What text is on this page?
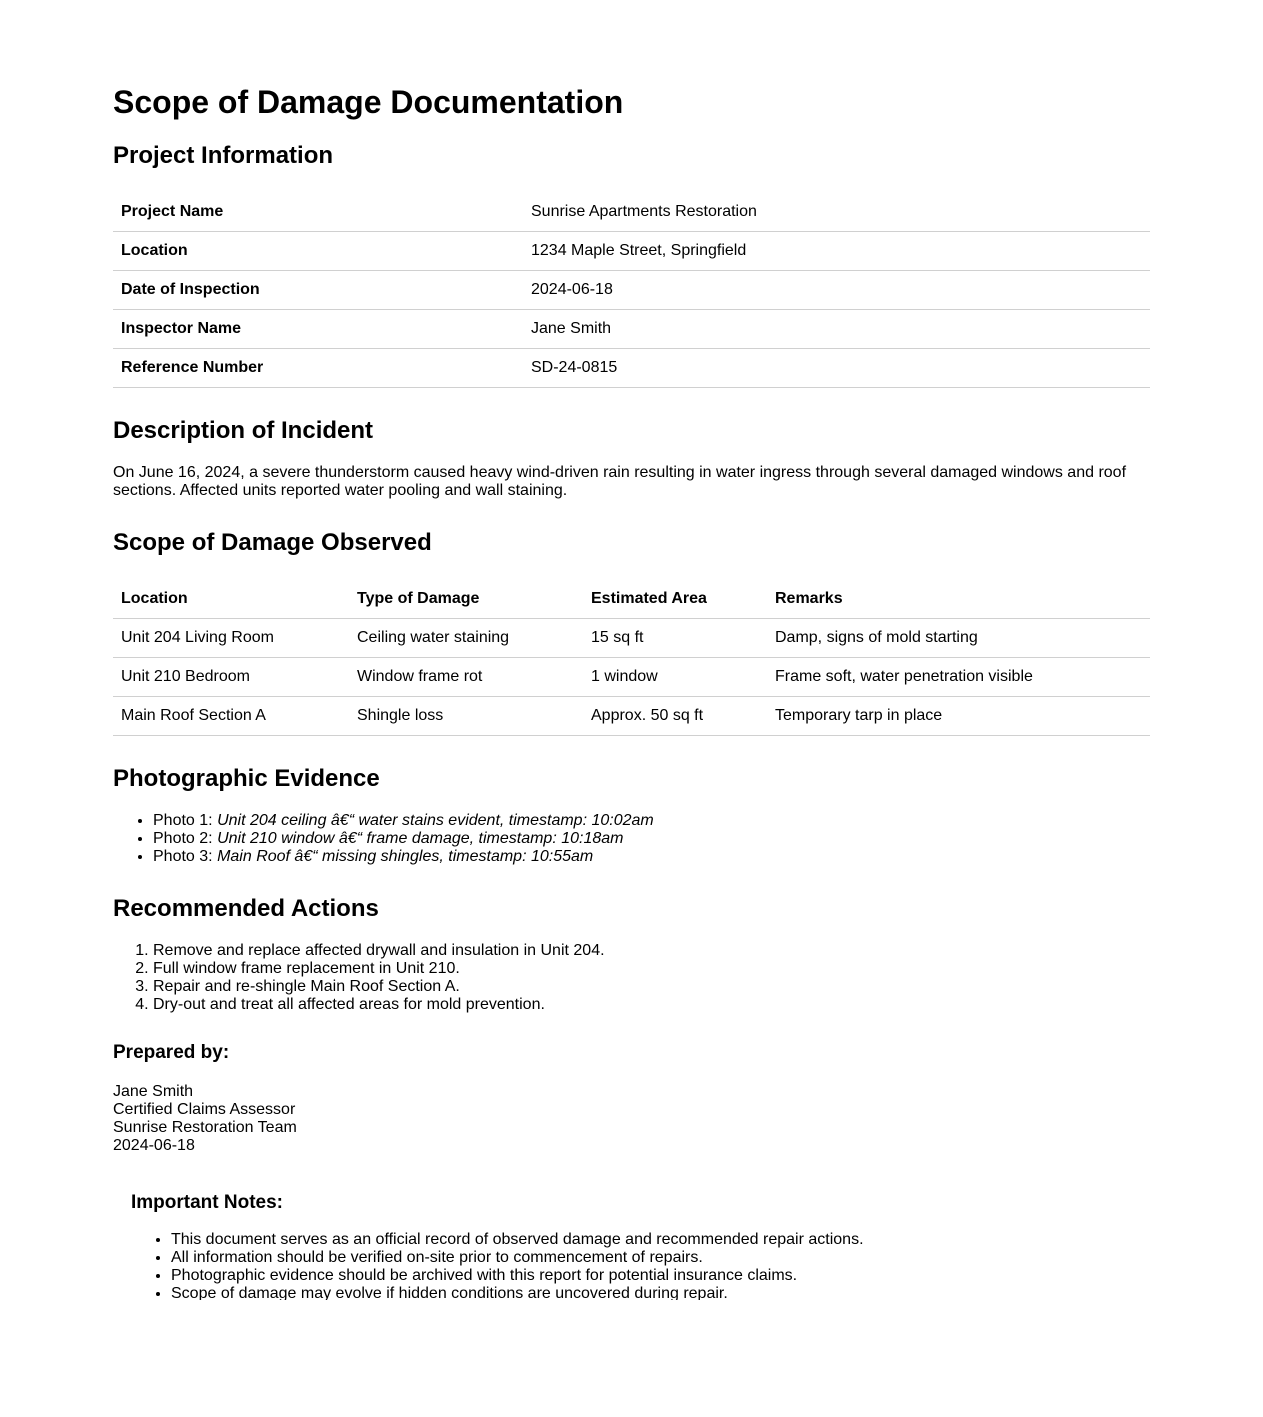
Scope of Damage Documentation
Project Information
Project Name	Sunrise Apartments Restoration
Location	1234 Maple Street, Springfield
Date of Inspection	2024-06-18
Inspector Name	Jane Smith
Reference Number	SD-24-0815
Description of Incident

On June 16, 2024, a severe thunderstorm caused heavy wind-driven rain resulting in water ingress through several damaged windows and roof sections. Affected units reported water pooling and wall staining.

Scope of Damage Observed
Location	Type of Damage	Estimated Area	Remarks
Unit 204 Living Room	Ceiling water staining	15 sq ft	Damp, signs of mold starting
Unit 210 Bedroom	Window frame rot	1 window	Frame soft, water penetration visible
Main Roof Section A	Shingle loss	Approx. 50 sq ft	Temporary tarp in place
Photographic Evidence
• Photo 1: Unit 204 ceiling â€“ water stains evident, timestamp: 10:02am
• Photo 2: Unit 210 window â€“ frame damage, timestamp: 10:18am
• Photo 3: Main Roof â€“ missing shingles, timestamp: 10:55am
Recommended Actions
1. Remove and replace affected drywall and insulation in Unit 204.
2. Full window frame replacement in Unit 210.
3. Repair and re-shingle Main Roof Section A.
4. Dry-out and treat all affected areas for mold prevention.
Prepared by:
Jane Smith
Certified Claims Assessor
Sunrise Restoration Team
2024-06-18
Important Notes:
• This document serves as an official record of observed damage and recommended repair actions.
• All information should be verified on-site prior to commencement of repairs.
• Photographic evidence should be archived with this report for potential insurance claims.
• Scope of damage may evolve if hidden conditions are uncovered during repair.
